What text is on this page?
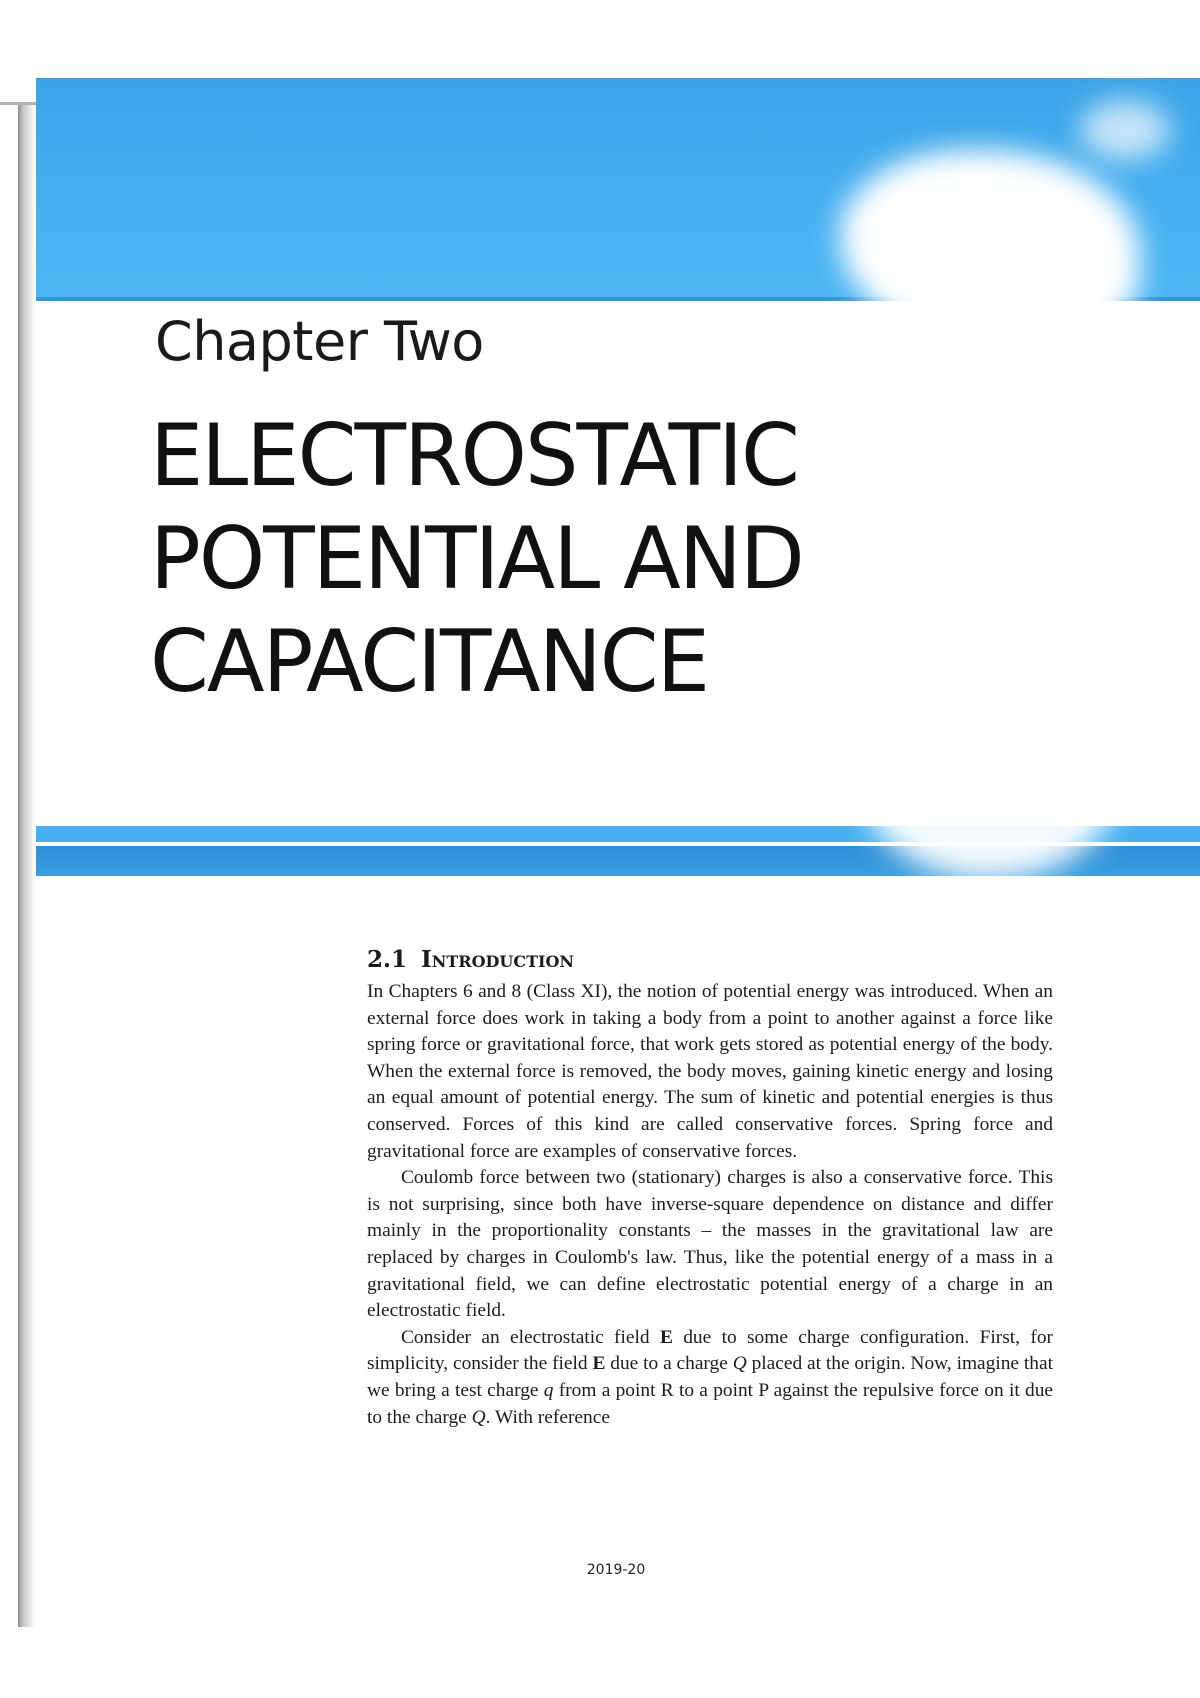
Chapter Two
ELECTROSTATIC
POTENTIAL AND
CAPACITANCE
2.1 Introduction

In Chapters 6 and 8 (Class XI), the notion of potential energy was introduced. When an external force does work in taking a body from a point to another against a force like spring force or gravitational force, that work gets stored as potential energy of the body. When the external force is removed, the body moves, gaining kinetic energy and losing an equal amount of potential energy. The sum of kinetic and potential energies is thus conserved. Forces of this kind are called conservative forces. Spring force and gravitational force are examples of conservative forces.

Coulomb force between two (stationary) charges is also a conservative force. This is not surprising, since both have inverse-square dependence on distance and differ mainly in the proportionality constants – the masses in the gravitational law are replaced by charges in Coulomb's law. Thus, like the potential energy of a mass in a gravitational field, we can define electrostatic potential energy of a charge in an electrostatic field.

Consider an electrostatic field E due to some charge configuration. First, for simplicity, consider the field E due to a charge Q placed at the origin. Now, imagine that we bring a test charge q from a point R to a point P against the repulsive force on it due to the charge Q. With reference

2019-20
